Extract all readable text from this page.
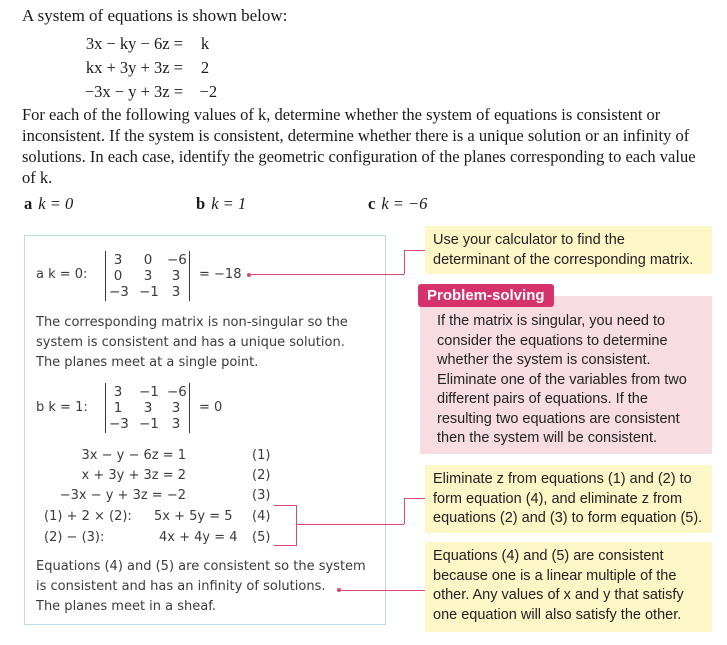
A system of equations is shown below:
3x − ky − 6z = k
kx + 3y + 3z = 2
−3x − y + 3z = −2
For each of the following values of k, determine whether the system of equations is consistent or inconsistent. If the system is consistent, determine whether there is a unique solution or an infinity of solutions. In each case, identify the geometric configuration of the planes corresponding to each value of k.
a k = 0	b k = 1	c k = −6
a k = 0:
3	0	−6
0	3	3
−3 −1 3
= −18
The corresponding matrix is non-singular so the
system is consistent and has a unique solution.
The planes meet at a single point.
b k = 1:
3	−1 −6
1	3	3
−3 −1 3
= 0
3x − y − 6z = 1	(1)
x + 3y + 3z = 2	(2)
−3x − y + 3z = −2	(3)
(1) + 2 × (2): 5x + 5y = 5 (4)
(2) − (3):	4x + 4y = 4 (5)
Equations (4) and (5) are consistent so the system
is consistent and has an infinity of solutions.
The planes meet in a sheaf.
Use your calculator to find the determinant of the corresponding matrix.
If the matrix is singular, you need to consider the equations to determine whether the system is consistent. Eliminate one of the variables from two different pairs of equations. If the resulting two equations are consistent then the system will be consistent.
Problem-solving
Eliminate z from equations (1) and (2) to form equation (4), and eliminate z from equations (2) and (3) to form equation (5).
Equations (4) and (5) are consistent because one is a linear multiple of the other. Any values of x and y that satisfy one equation will also satisfy the other.
